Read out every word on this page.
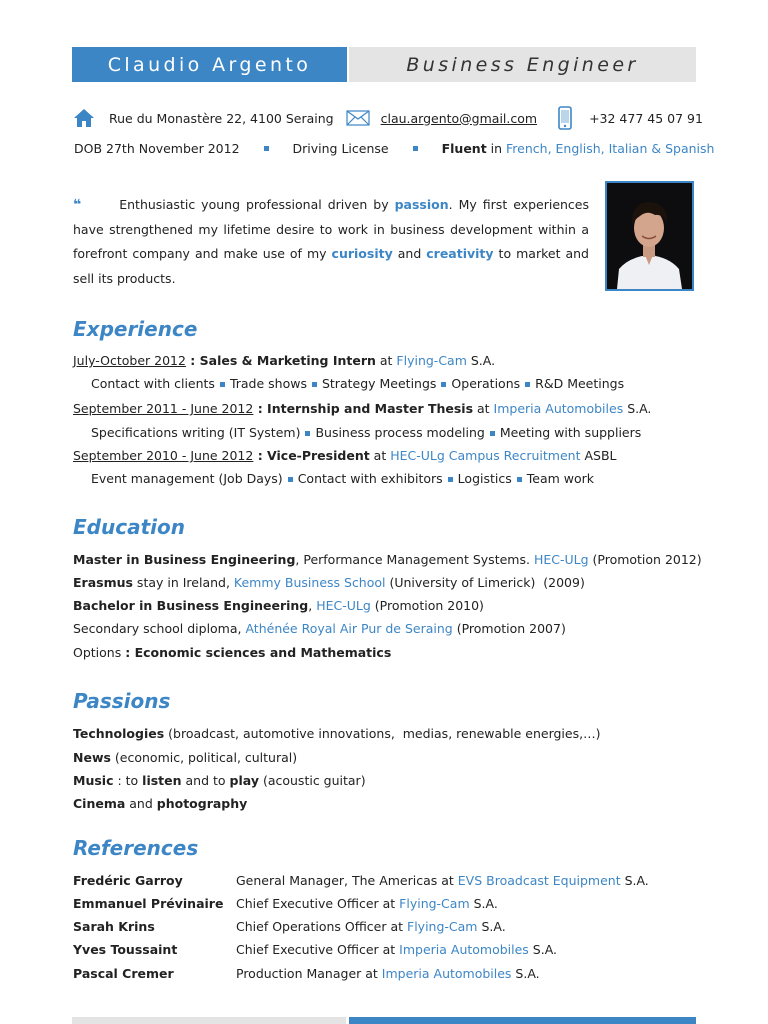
Claudio Argento	Business Engineer
Rue du Monastère 22, 4100 Seraing	clau.argento@gmail.com	+32 477 45 07 91
DOB 27th November 2012	Driving License	Fluent in French, English, Italian & Spanish
❝	Enthusiastic young professional driven by passion. My first experiences have strengthened my lifetime desire to work in business development within a forefront company and make use of my curiosity and creativity to market and sell its products.
Experience
July-October 2012 : Sales & Marketing Intern at Flying-Cam S.A.
Contact with clients Trade shows Strategy Meetings Operations R&D Meetings
September 2011 - June 2012 : Internship and Master Thesis at Imperia Automobiles S.A.
Specifications writing (IT System) Business process modeling Meeting with suppliers
September 2010 - June 2012 : Vice-President at HEC-ULg Campus Recruitment ASBL
Event management (Job Days) Contact with exhibitors Logistics Team work
Education
Master in Business Engineering, Performance Management Systems. HEC-ULg (Promotion 2012)
Erasmus stay in Ireland, Kemmy Business School (University of Limerick)  (2009)
Bachelor in Business Engineering, HEC-ULg (Promotion 2010)
Secondary school diploma, Athénée Royal Air Pur de Seraing (Promotion 2007)
Options : Economic sciences and Mathematics
Passions
Technologies (broadcast, automotive innovations,  medias, renewable energies,…)
News (economic, political, cultural)
Music : to listen and to play (acoustic guitar)
Cinema and photography
References
Fredéric Garroy	General Manager, The Americas at EVS Broadcast Equipment S.A.
Emmanuel Prévinaire Chief Executive Officer at Flying-Cam S.A.
Sarah Krins	Chief Operations Officer at Flying-Cam S.A.
Yves Toussaint	Chief Executive Officer at Imperia Automobiles S.A.
Pascal Cremer	Production Manager at Imperia Automobiles S.A.
